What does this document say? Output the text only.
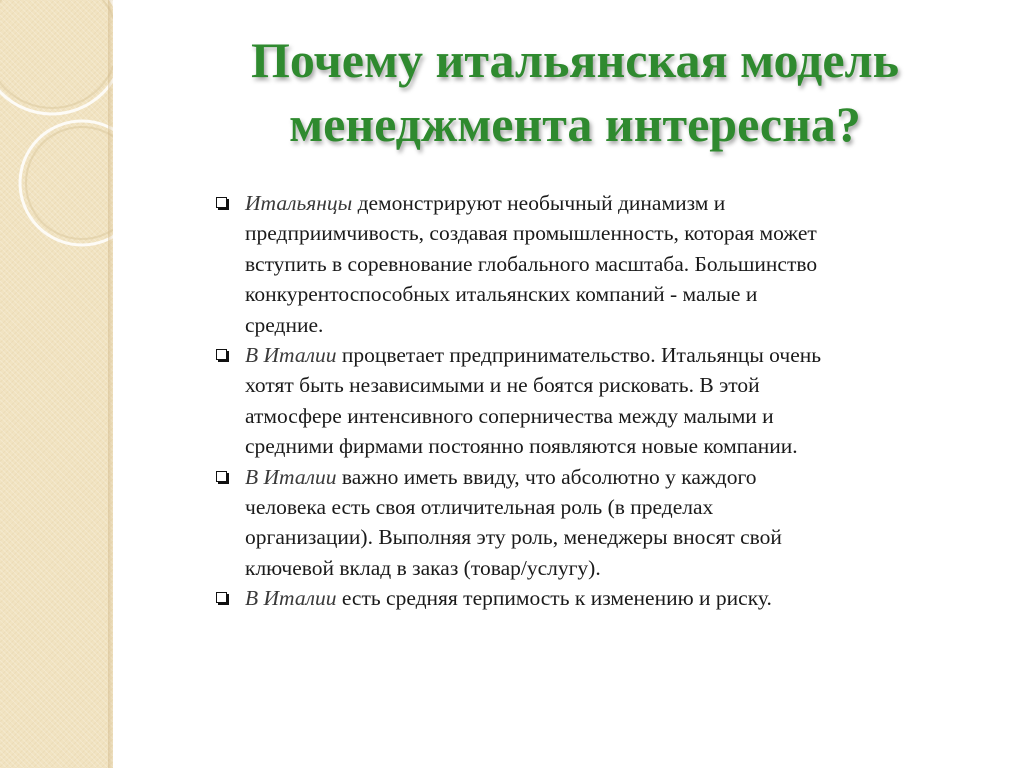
Почему итальянская модель
менеджмента интересна?
Итальянцы демонстрируют необычный динамизм и предприимчивость, создавая промышленность, которая может вступить в соревнование глобального масштаба. Большинство конкурентоспособных итальянских компаний - малые и средние.
В Италии процветает предпринимательство. Итальянцы очень хотят быть независимыми и не боятся рисковать. В этой атмосфере интенсивного соперничества между малыми и средними фирмами постоянно появляются новые компании.
В Италии важно иметь ввиду, что абсолютно у каждого человека есть своя отличительная роль (в пределах организации). Выполняя эту роль, менеджеры вносят свой ключевой вклад в заказ (товар/услугу).
В Италии есть средняя терпимость к изменению и риску.
